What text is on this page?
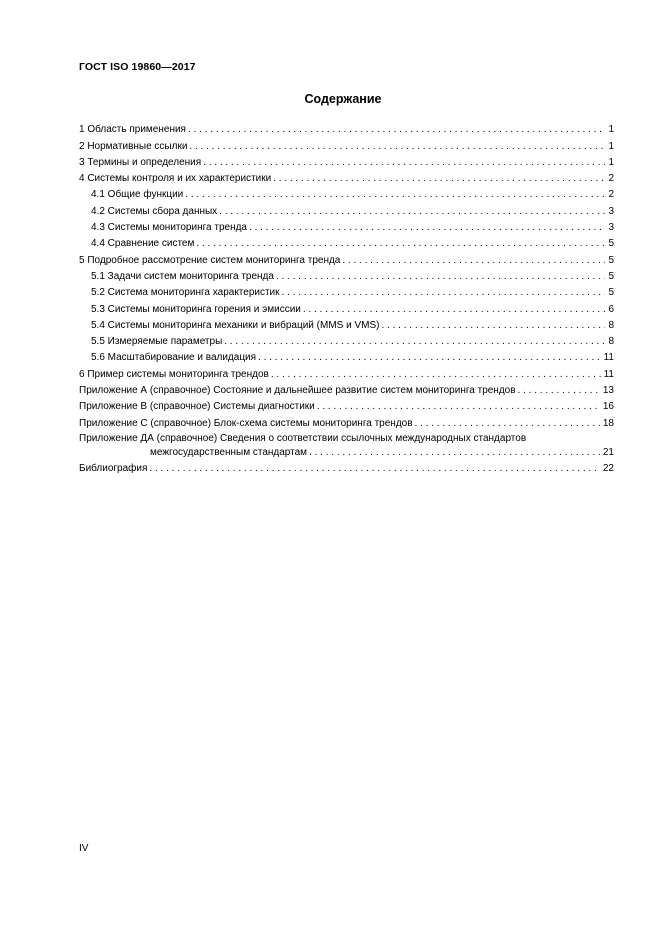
ГОСТ ISO 19860—2017
Содержание
1 Область применения . . .	1
2 Нормативные ссылки . . .	1
3 Термины и определения . . .	1
4 Системы контроля и их характеристики . . .	2
4.1 Общие функции . . .	2
4.2 Системы сбора данных . . .	3
4.3 Системы мониторинга тренда . . .	3
4.4 Сравнение систем . . .	5
5 Подробное рассмотрение систем мониторинга тренда . . .	5
5.1 Задачи систем мониторинга тренда . . .	5
5.2 Система мониторинга характеристик . . .	5
5.3 Системы мониторинга горения и эмиссии . . .	6
5.4 Системы мониторинга механики и вибраций (MMS и VMS) . . .	8
5.5 Измеряемые параметры . . .	8
5.6 Масштабирование и валидация . . .	11
6 Пример системы мониторинга трендов . . .	11
Приложение А (справочное) Состояние и дальнейшее развитие систем мониторинга трендов . . .	13
Приложение В (справочное) Системы диагностики . . .	16
Приложение С (справочное) Блок-схема системы мониторинга трендов . . .	18
Приложение ДА (справочное) Сведения о соответствии ссылочных международных стандартов
межгосударственным стандартам . . .	21
Библиография . . .	22
IV
